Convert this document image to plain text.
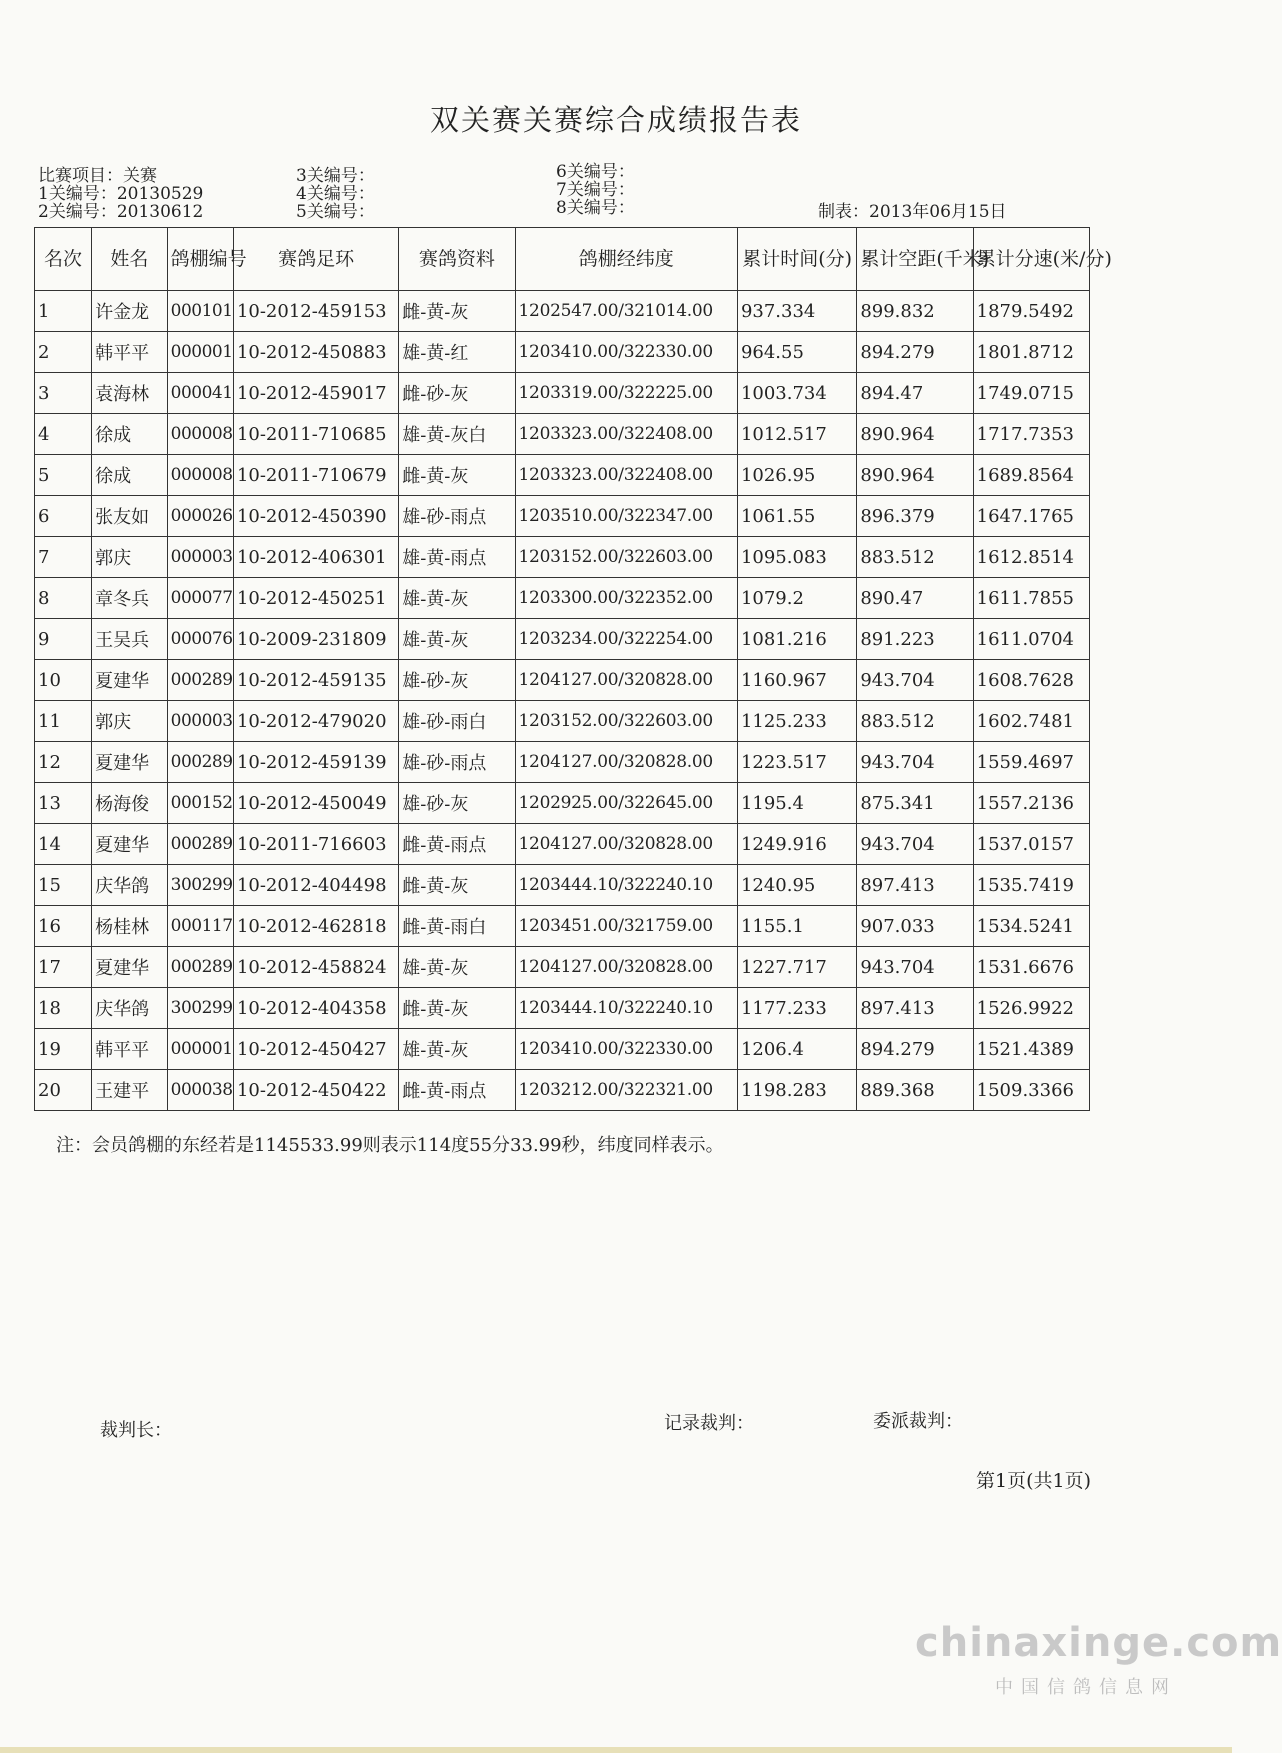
双关赛关赛综合成绩报告表
比赛项目：关赛
1关编号：20130529
2关编号：20130612
3关编号：
4关编号：
5关编号：
6关编号：
7关编号：
8关编号：	制表：2013年06月15日
名次	姓名	鸽棚编号	赛鸽足环	赛鸽资料	鸽棚经纬度	累计时间(分)	累计空距(千米)	累计分速(米/分)
1	许金龙	000101	10-2012-459153	雌-黄-灰	1202547.00/321014.00	937.334	899.832	1879.5492
2	韩平平	000001	10-2012-450883	雄-黄-红	1203410.00/322330.00	964.55	894.279	1801.8712
3	袁海林	000041	10-2012-459017	雌-砂-灰	1203319.00/322225.00	1003.734	894.47	1749.0715
4	徐成	000008	10-2011-710685	雄-黄-灰白	1203323.00/322408.00	1012.517	890.964	1717.7353
5	徐成	000008	10-2011-710679	雌-黄-灰	1203323.00/322408.00	1026.95	890.964	1689.8564
6	张友如	000026	10-2012-450390	雄-砂-雨点	1203510.00/322347.00	1061.55	896.379	1647.1765
7	郭庆	000003	10-2012-406301	雄-黄-雨点	1203152.00/322603.00	1095.083	883.512	1612.8514
8	章冬兵	000077	10-2012-450251	雄-黄-灰	1203300.00/322352.00	1079.2	890.47	1611.7855
9	王吴兵	000076	10-2009-231809	雄-黄-灰	1203234.00/322254.00	1081.216	891.223	1611.0704
10	夏建华	000289	10-2012-459135	雄-砂-灰	1204127.00/320828.00	1160.967	943.704	1608.7628
11	郭庆	000003	10-2012-479020	雄-砂-雨白	1203152.00/322603.00	1125.233	883.512	1602.7481
12	夏建华	000289	10-2012-459139	雄-砂-雨点	1204127.00/320828.00	1223.517	943.704	1559.4697
13	杨海俊	000152	10-2012-450049	雄-砂-灰	1202925.00/322645.00	1195.4	875.341	1557.2136
14	夏建华	000289	10-2011-716603	雌-黄-雨点	1204127.00/320828.00	1249.916	943.704	1537.0157
15	庆华鸽	300299	10-2012-404498	雌-黄-灰	1203444.10/322240.10	1240.95	897.413	1535.7419
16	杨桂林	000117	10-2012-462818	雌-黄-雨白	1203451.00/321759.00	1155.1	907.033	1534.5241
17	夏建华	000289	10-2012-458824	雄-黄-灰	1204127.00/320828.00	1227.717	943.704	1531.6676
18	庆华鸽	300299	10-2012-404358	雌-黄-灰	1203444.10/322240.10	1177.233	897.413	1526.9922
19	韩平平	000001	10-2012-450427	雄-黄-灰	1203410.00/322330.00	1206.4	894.279	1521.4389
20	王建平	000038	10-2012-450422	雌-黄-雨点	1203212.00/322321.00	1198.283	889.368	1509.3366
注：会员鸽棚的东经若是1145533.99则表示114度55分33.99秒，纬度同样表示。
裁判长：	记录裁判：	委派裁判：
第1页(共1页)
chinaxinge.com
中国信鸽信息网
